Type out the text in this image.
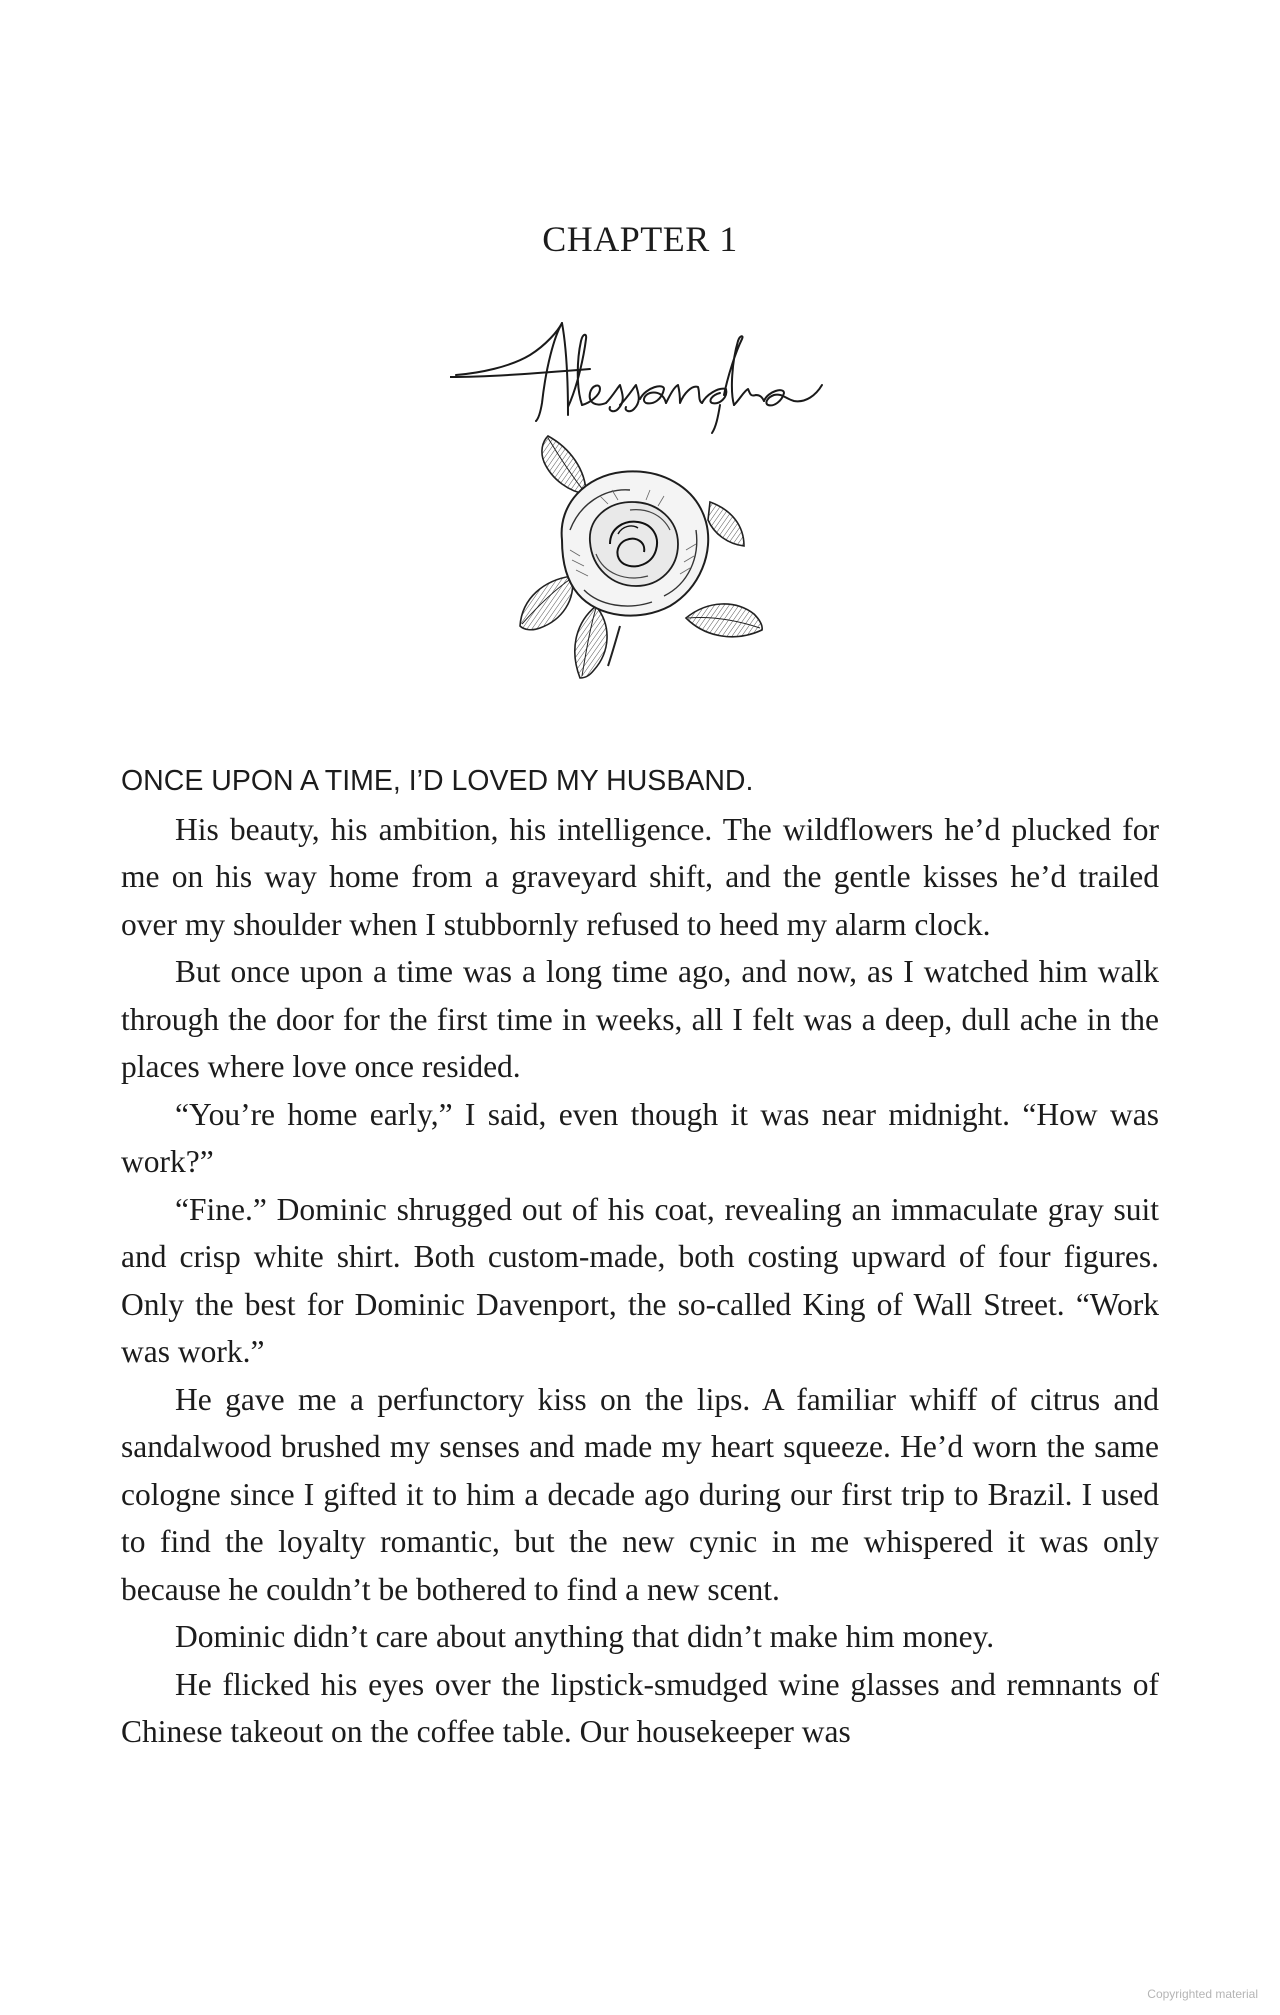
CHAPTER 1

ONCE UPON A TIME, I’D LOVED MY HUSBAND.

His beauty, his ambition, his intelligence. The wildflowers he’d plucked for me on his way home from a graveyard shift, and the gentle kisses he’d trailed over my shoulder when I stubbornly refused to heed my alarm clock.

But once upon a time was a long time ago, and now, as I watched him walk through the door for the first time in weeks, all I felt was a deep, dull ache in the places where love once resided.

“You’re home early,” I said, even though it was near midnight. “How was work?”

“Fine.” Dominic shrugged out of his coat, revealing an immaculate gray suit and crisp white shirt. Both custom-made, both costing upward of four figures. Only the best for Dominic Davenport, the so-called King of Wall Street. “Work was work.”

He gave me a perfunctory kiss on the lips. A familiar whiff of citrus and sandalwood brushed my senses and made my heart squeeze. He’d worn the same cologne since I gifted it to him a decade ago during our first trip to Brazil. I used to find the loyalty romantic, but the new cynic in me whispered it was only because he couldn’t be bothered to find a new scent.

Dominic didn’t care about anything that didn’t make him money.

He flicked his eyes over the lipstick-smudged wine glasses and remnants of Chinese takeout on the coffee table. Our housekeeper was

Copyrighted material
